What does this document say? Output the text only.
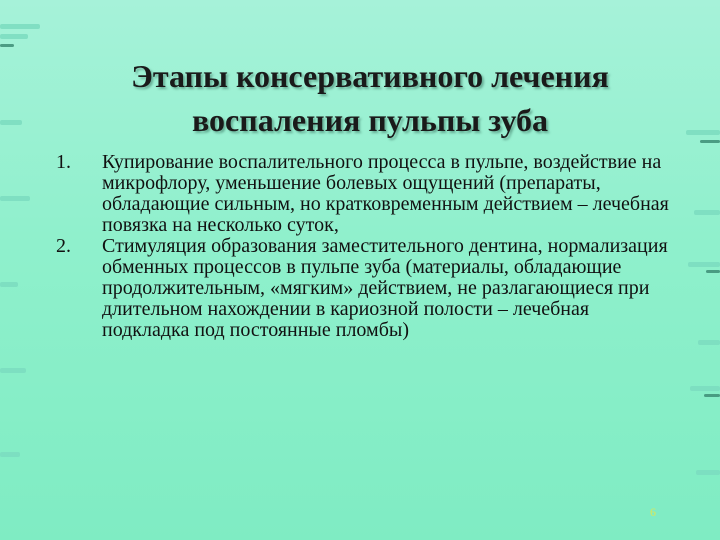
Этапы консервативного лечения
воспаления пульпы зуба
1. Купирование воспалительного процесса в пульпе, воздействие на микрофлору, уменьшение болевых ощущений (препараты, обладающие сильным, но кратковременным действием – лечебная повязка на несколько суток,
2. Стимуляция образования заместительного дентина, нормализация обменных процессов в пульпе зуба (материалы, обладающие продолжительным, «мягким» действием, не разлагающиеся при длительном нахождении в кариозной полости – лечебная подкладка под постоянные пломбы)
6
